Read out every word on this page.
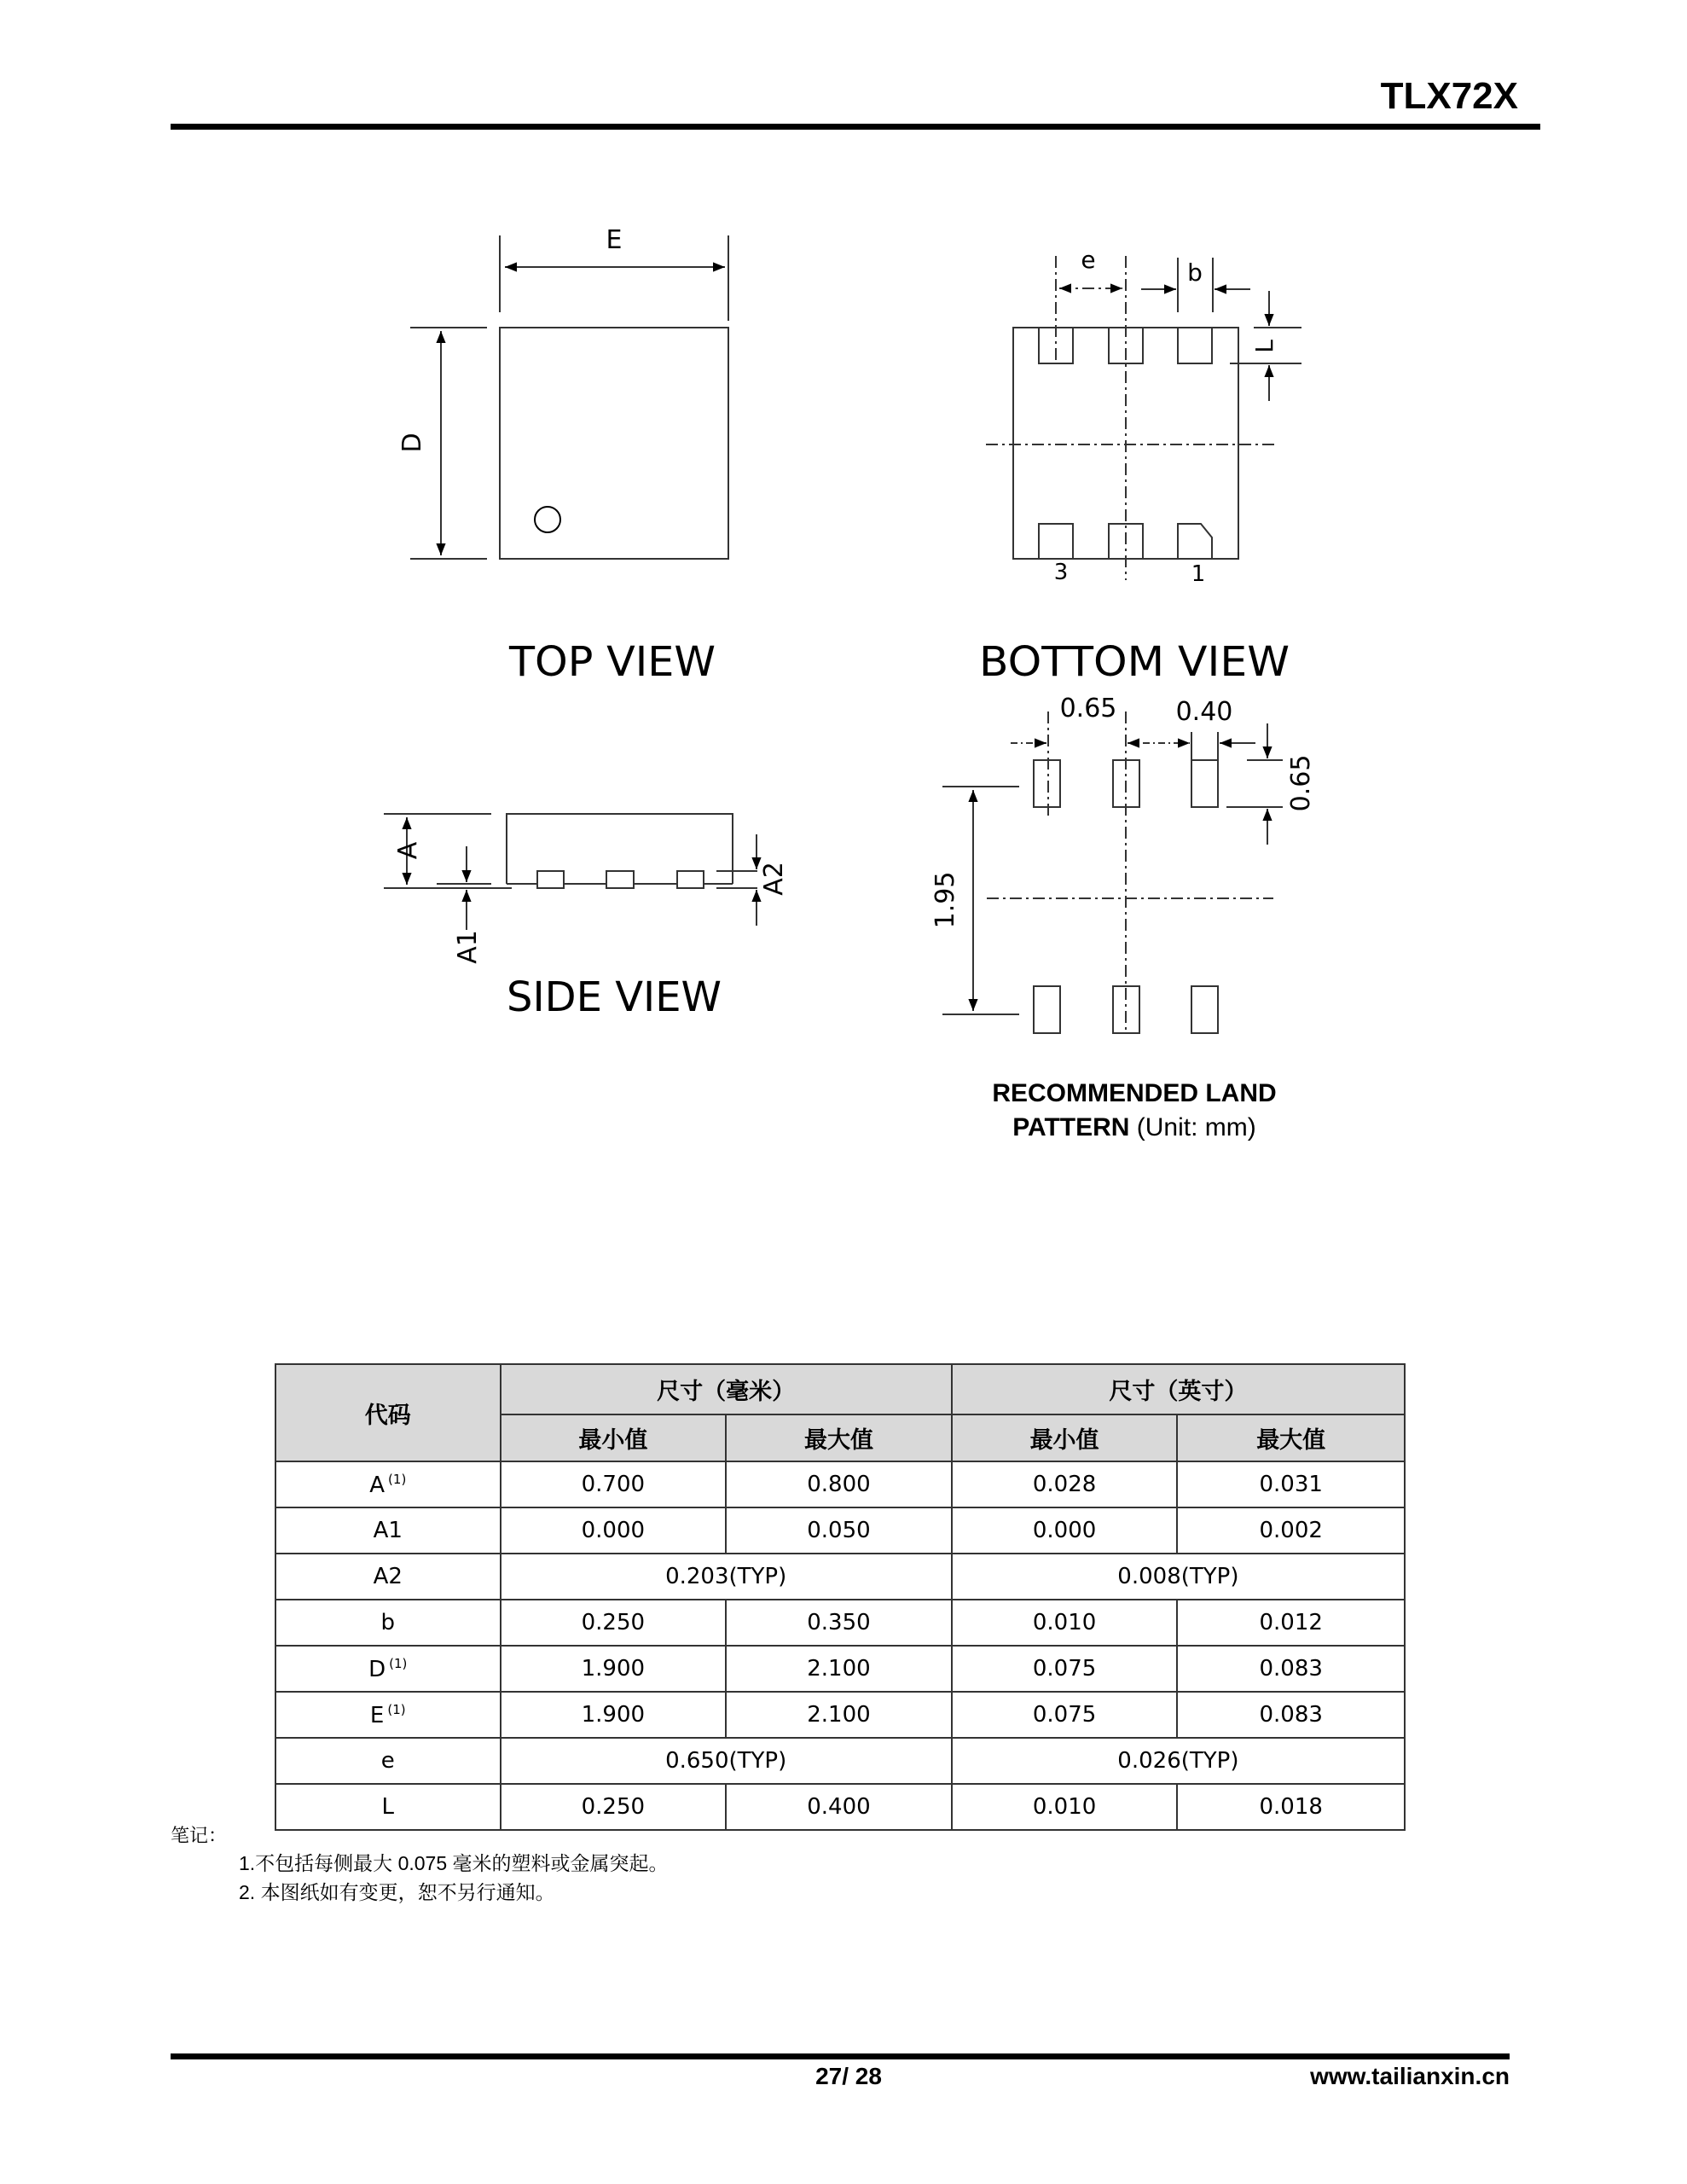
TLX72X
E
D
e	b
L
3	1
A
A1
A2
0.65 0.40
0.65
1.95
TOP VIEW	BOTTOM VIEW
SIDE VIEW
RECOMMENDED LAND
PATTERN (Unit: mm)
代码	尺寸（毫米）		尺寸（英寸）	
	最小值	最大值	最小值	最大值
A $^{(1)}$	0.700	0.800	0.028	0.031
A1	0.000	0.050	0.000	0.002
A2	0.203(TYP)		0.008(TYP)	
b	0.250	0.350	0.010	0.012
D $^{(1)}$	1.900	2.100	0.075	0.083
E $^{(1)}$	1.900	2.100	0.075	0.083
e	0.650(TYP)		0.026(TYP)	
L	0.250	0.400	0.010	0.018
笔记：
1.不包括每侧最大 0.075 毫米的塑料或金属突起。
2. 本图纸如有变更，恕不另行通知。
27/ 28	www.tailianxin.cn
